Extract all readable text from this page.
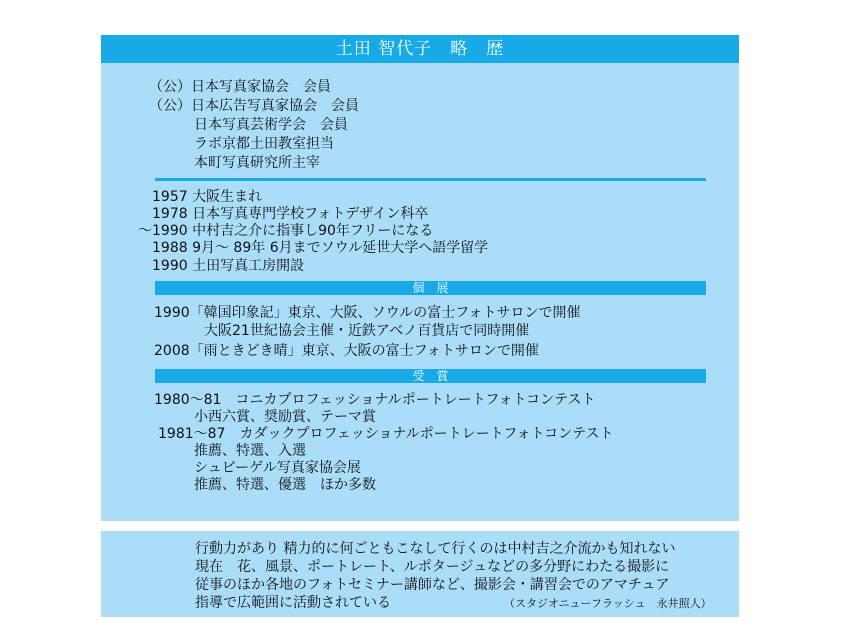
土田 智代子　略　歴
（公）日本写真家協会　会員
（公）日本広告写真家協会　会員
日本写真芸術学会　会員
ラボ京都土田教室担当
本町写真研究所主宰
1957 大阪生まれ
1978 日本写真専門学校フォトデザイン科卒
〜1990 中村吉之介に指事し90年フリーになる
1988 9月〜 89年 6月までソウル延世大学へ語学留学
1990 土田写真工房開設
個　展
1990「韓国印象記」東京、大阪、ソウルの富士フォトサロンで開催
大阪21世紀協会主催・近鉄アベノ百貨店で同時開催
2008「雨ときどき晴」東京、大阪の富士フォトサロンで開催
受　賞
1980〜81　コニカプロフェッショナルポートレートフォトコンテスト
小西六賞、奨励賞、テーマ賞
1981〜87　カダックプロフェッショナルポートレートフォトコンテスト
推薦、特選、入選
シュピーゲル写真家協会展
推薦、特選、優選　ほか多数
行動力があり 精力的に何ごともこなして行くのは中村吉之介流かも知れない
現在　花、風景、ポートレート、ルポタージュなどの多分野にわたる撮影に
従事のほか各地のフォトセミナー講師など、撮影会・講習会でのアマチュア
指導で広範囲に活動されている	（スタジオニューフラッシュ　永井照人）
